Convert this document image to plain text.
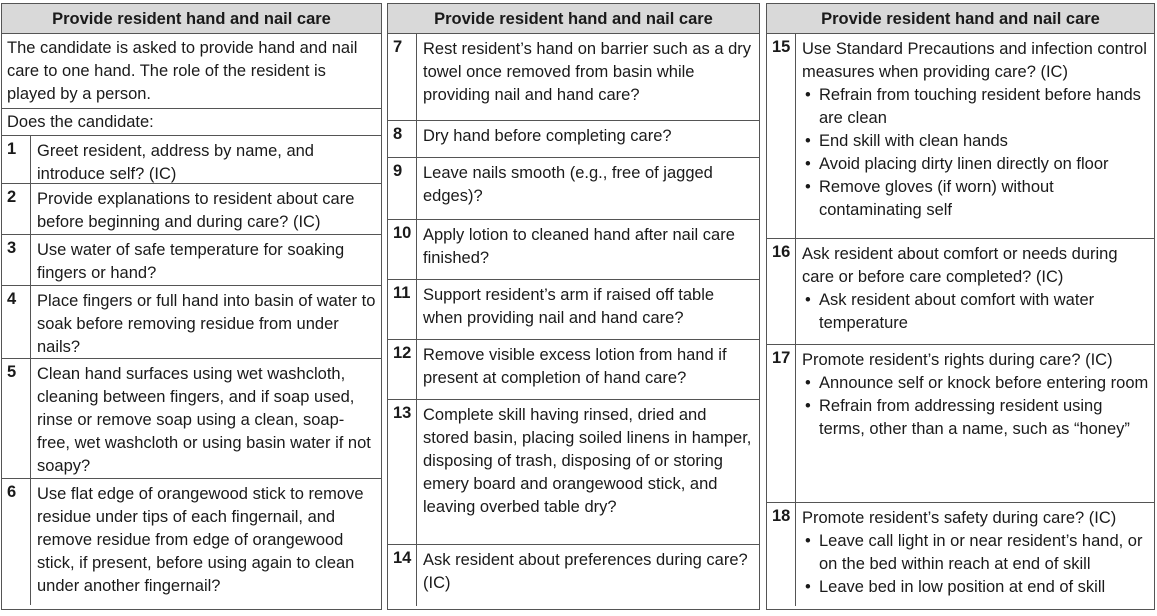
Provide resident hand and nail care
The candidate is asked to provide hand and nail care to one hand. The role of the resident is played by a person.
Does the candidate:
1	Greet resident, address by name, and introduce self? (IC)
2	Provide explanations to resident about care before beginning and during care? (IC)
3	Use water of safe temperature for soaking fingers or hand?
4	Place fingers or full hand into basin of water to soak before removing residue from under nails?
5	Clean hand surfaces using wet washcloth, cleaning between fingers, and if soap used, rinse or remove soap using a clean, soap-free, wet washcloth or using basin water if not soapy?
6	Use flat edge of orangewood stick to remove residue under tips of each fingernail, and remove residue from edge of orangewood stick, if present, before using again to clean under another fingernail?
Provide resident hand and nail care
7	Rest resident’s hand on barrier such as a dry towel once removed from basin while providing nail and hand care?
8	Dry hand before completing care?
9	Leave nails smooth (e.g., free of jagged edges)?
10 Apply lotion to cleaned hand after nail care finished?
11 Support resident’s arm if raised off table when providing nail and hand care?
12 Remove visible excess lotion from hand if present at completion of hand care?
13 Complete skill having rinsed, dried and stored basin, placing soiled linens in hamper, disposing of trash, disposing of or storing emery board and orangewood stick, and leaving overbed table dry?
14 Ask resident about preferences during care? (IC)
Provide resident hand and nail care
15 Use Standard Precautions and infection control measures when providing care? (IC)
• Refrain from touching resident before hands are clean
• End skill with clean hands
• Avoid placing dirty linen directly on floor
• Remove gloves (if worn) without contaminating self
16 Ask resident about comfort or needs during care or before care completed? (IC)
• Ask resident about comfort with water temperature
17 Promote resident’s rights during care? (IC)
• Announce self or knock before entering room
• Refrain from addressing resident using terms, other than a name, such as “honey”
18 Promote resident’s safety during care? (IC)
• Leave call light in or near resident’s hand, or on the bed within reach at end of skill
• Leave bed in low position at end of skill
